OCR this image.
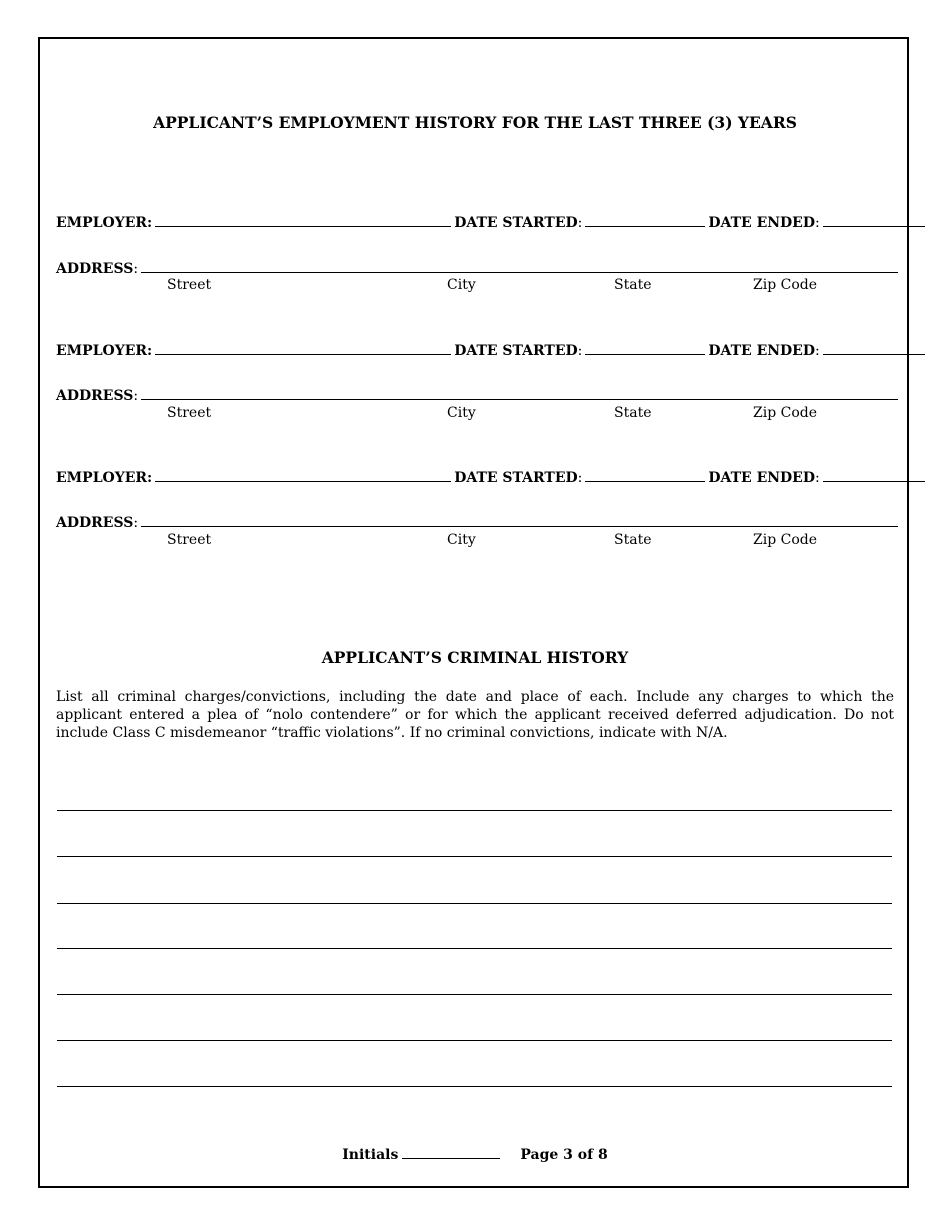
APPLICANT’S EMPLOYMENT HISTORY FOR THE LAST THREE (3) YEARS
EMPLOYER:	DATE STARTED:	DATE ENDED:
ADDRESS:
Street	City	State	Zip Code
EMPLOYER:	DATE STARTED:	DATE ENDED:
ADDRESS:
Street	City	State	Zip Code
EMPLOYER:	DATE STARTED:	DATE ENDED:
ADDRESS:
Street	City	State	Zip Code
APPLICANT’S CRIMINAL HISTORY

List all criminal charges/convictions, including the date and place of each. Include any charges to which the applicant entered a plea of “nolo contendere” or for which the applicant received deferred adjudication. Do not include Class C misdemeanor “traffic violations”. If no criminal convictions, indicate with N/A.

Initials	Page 3 of 8
